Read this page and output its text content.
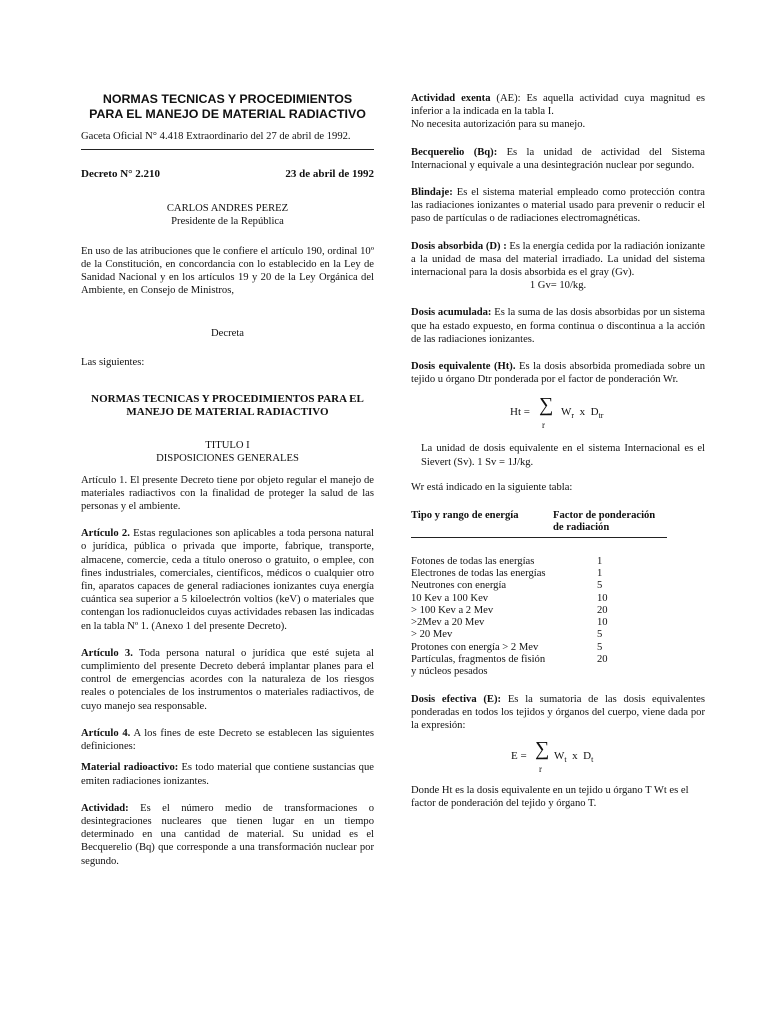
NORMAS TECNICAS Y PROCEDIMIENTOS

PARA EL MANEJO DE MATERIAL RADIACTIVO

Gaceta Oficial N° 4.418 Extraordinario del 27 de abril de 1992.

Decreto N° 2.210	23 de abril de 1992

CARLOS ANDRES PEREZ

Presidente de la República

En uso de las atribuciones que le confiere el artículo 190, ordinal 10º de la Constitución, en concordancia con lo establecido en la Ley de Sanidad Nacional y en los artículos 19 y 20 de la Ley Orgánica del Ambiente, en Consejo de Ministros,

Decreta

Las siguientes:

NORMAS TECNICAS Y PROCEDIMIENTOS PARA EL

MANEJO DE MATERIAL RADIACTIVO

TITULO I

DISPOSICIONES GENERALES

Artículo 1. El presente Decreto tiene por objeto regular el manejo de materiales radiactivos con la finalidad de proteger la salud de las personas y el ambiente.

Artículo 2. Estas regulaciones son aplicables a toda persona natural o jurídica, pública o privada que importe, fabrique, transporte, almacene, comercie, ceda a título oneroso o gratuito, o emplee, con fines industriales, comerciales, científicos, médicos o cualquier otro fin, aparatos capaces de general radiaciones ionizantes cuya energía cuántica sea superior a 5 kiloelectrón voltios (keV) o materiales que contengan los radionucleidos cuyas actividades rebasen las indicadas en la tabla Nº 1. (Anexo 1 del presente Decreto).

Artículo 3. Toda persona natural o jurídica que esté sujeta al cumplimiento del presente Decreto deberá implantar planes para el control de emergencias acordes con la naturaleza de los riesgos reales o potenciales de los instrumentos o materiales radiactivos, de cuyo manejo sea responsable.

Artículo 4. A los fines de este Decreto se establecen las siguientes definiciones:

Material radioactivo: Es todo material que contiene sustancias que emiten radiaciones ionizantes.

Actividad: Es el número medio de transformaciones o desintegraciones nucleares que tienen lugar en un tiempo determinado en una cantidad de material. Su unidad es el Becquerelio (Bq) que corresponde a una transformación nuclear por segundo.

Actividad exenta (AE): Es aquella actividad cuya magnitud es inferior a la indicada en la tabla I.

No necesita autorización para su manejo.

Becquerelio (Bq): Es la unidad de actividad del Sistema Internacional y equivale a una desintegración nuclear por segundo.

Blindaje: Es el sistema material empleado como protección contra las radiaciones ionizantes o material usado para prevenir o reducir el paso de partículas o de radiaciones electromagnéticas.

Dosis absorbida (D) : Es la energía cedida por la radiación ionizante a la unidad de masa del material irradiado. La unidad del sistema internacional para la dosis absorbida es el gray (Gv).

1 Gv= 10/kg.

Dosis acumulada: Es la suma de las dosis absorbidas por un sistema que ha estado expuesto, en forma continua o discontinua a la acción de las radiaciones ionizantes.

Dosis equivalente (Ht). Es la dosis absorbida promediada sobre un tejido u órgano Dtr ponderada por el factor de ponderación Wr.

Ht = ∑
r
$W_r$ x $D_{tr}$

La unidad de dosis equivalente en el sistema Internacional es el Sievert (Sv). 1 Sv = 1J/kg.

Wr está indicado en la siguiente tabla:

Tipo y rango de energía	Factor de ponderación
de radiación
Fotones de todas las energías	1
Electrones de todas las energías	1
Neutrones con energía	5
10 Kev a 100 Kev	10
> 100 Kev a 2 Mev	20
>2Mev a 20 Mev	10
> 20 Mev	5
Protones con energía > 2 Mev	5
Partículas, fragmentos de fisión	20
y núcleos pesados	

Dosis efectiva (E): Es la sumatoria de las dosis equivalentes ponderadas en todos los tejidos y órganos del cuerpo, viene dada por la expresión:

E = ∑
r
$W_t$ x $D_t$

Donde Ht es la dosis equivalente en un tejido u órgano T Wt es el factor de ponderación del tejido y órgano T.
